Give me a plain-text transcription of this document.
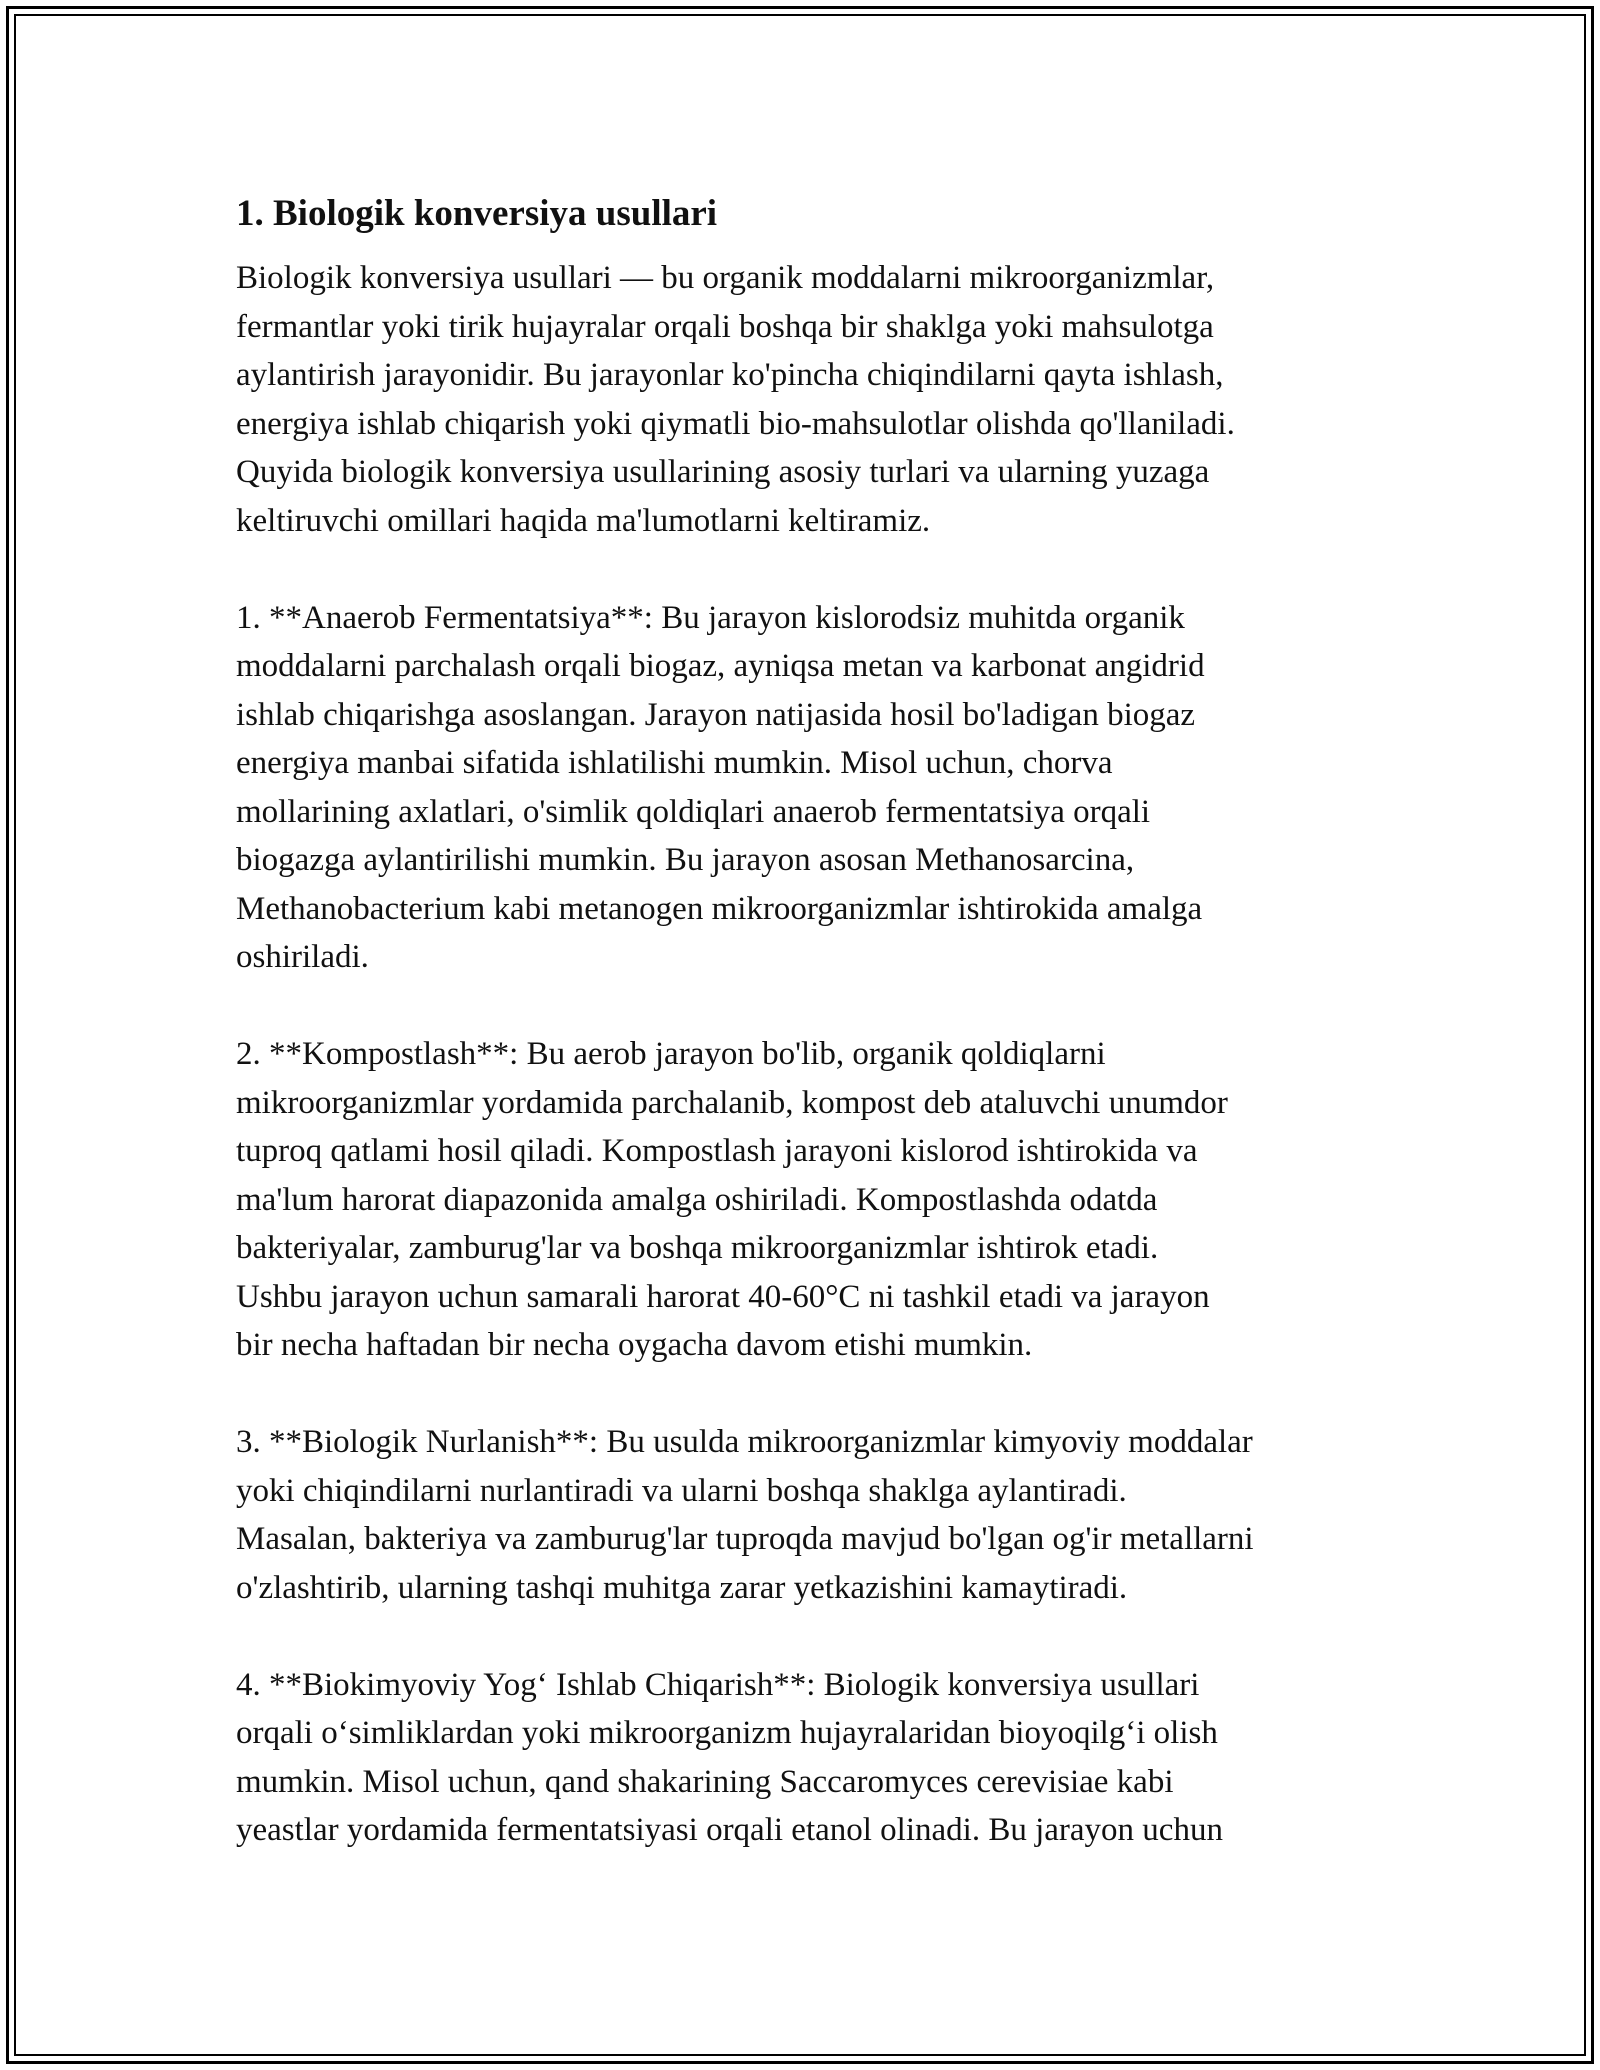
1. Biologik konversiya usullari

Biologik konversiya usullari — bu organik moddalarni mikroorganizmlar,
fermantlar yoki tirik hujayralar orqali boshqa bir shaklga yoki mahsulotga
aylantirish jarayonidir. Bu jarayonlar ko'pincha chiqindilarni qayta ishlash,
energiya ishlab chiqarish yoki qiymatli bio-mahsulotlar olishda qo'llaniladi.
Quyida biologik konversiya usullarining asosiy turlari va ularning yuzaga
keltiruvchi omillari haqida ma'lumotlarni keltiramiz.

1. **Anaerob Fermentatsiya**: Bu jarayon kislorodsiz muhitda organik
moddalarni parchalash orqali biogaz, ayniqsa metan va karbonat angidrid
ishlab chiqarishga asoslangan. Jarayon natijasida hosil bo'ladigan biogaz
energiya manbai sifatida ishlatilishi mumkin. Misol uchun, chorva
mollarining axlatlari, o'simlik qoldiqlari anaerob fermentatsiya orqali
biogazga aylantirilishi mumkin. Bu jarayon asosan Methanosarcina,
Methanobacterium kabi metanogen mikroorganizmlar ishtirokida amalga
oshiriladi.

2. **Kompostlash**: Bu aerob jarayon bo'lib, organik qoldiqlarni
mikroorganizmlar yordamida parchalanib, kompost deb ataluvchi unumdor
tuproq qatlami hosil qiladi. Kompostlash jarayoni kislorod ishtirokida va
ma'lum harorat diapazonida amalga oshiriladi. Kompostlashda odatda
bakteriyalar, zamburug'lar va boshqa mikroorganizmlar ishtirok etadi.
Ushbu jarayon uchun samarali harorat 40-60°C ni tashkil etadi va jarayon
bir necha haftadan bir necha oygacha davom etishi mumkin.

3. **Biologik Nurlanish**: Bu usulda mikroorganizmlar kimyoviy moddalar
yoki chiqindilarni nurlantiradi va ularni boshqa shaklga aylantiradi.
Masalan, bakteriya va zamburug'lar tuproqda mavjud bo'lgan og'ir metallarni
o'zlashtirib, ularning tashqi muhitga zarar yetkazishini kamaytiradi.

4. **Biokimyoviy Yog‘ Ishlab Chiqarish**: Biologik konversiya usullari
orqali o‘simliklardan yoki mikroorganizm hujayralaridan bioyoqilg‘i olish
mumkin. Misol uchun, qand shakarining Saccaromyces cerevisiae kabi
yeastlar yordamida fermentatsiyasi orqali etanol olinadi. Bu jarayon uchun
